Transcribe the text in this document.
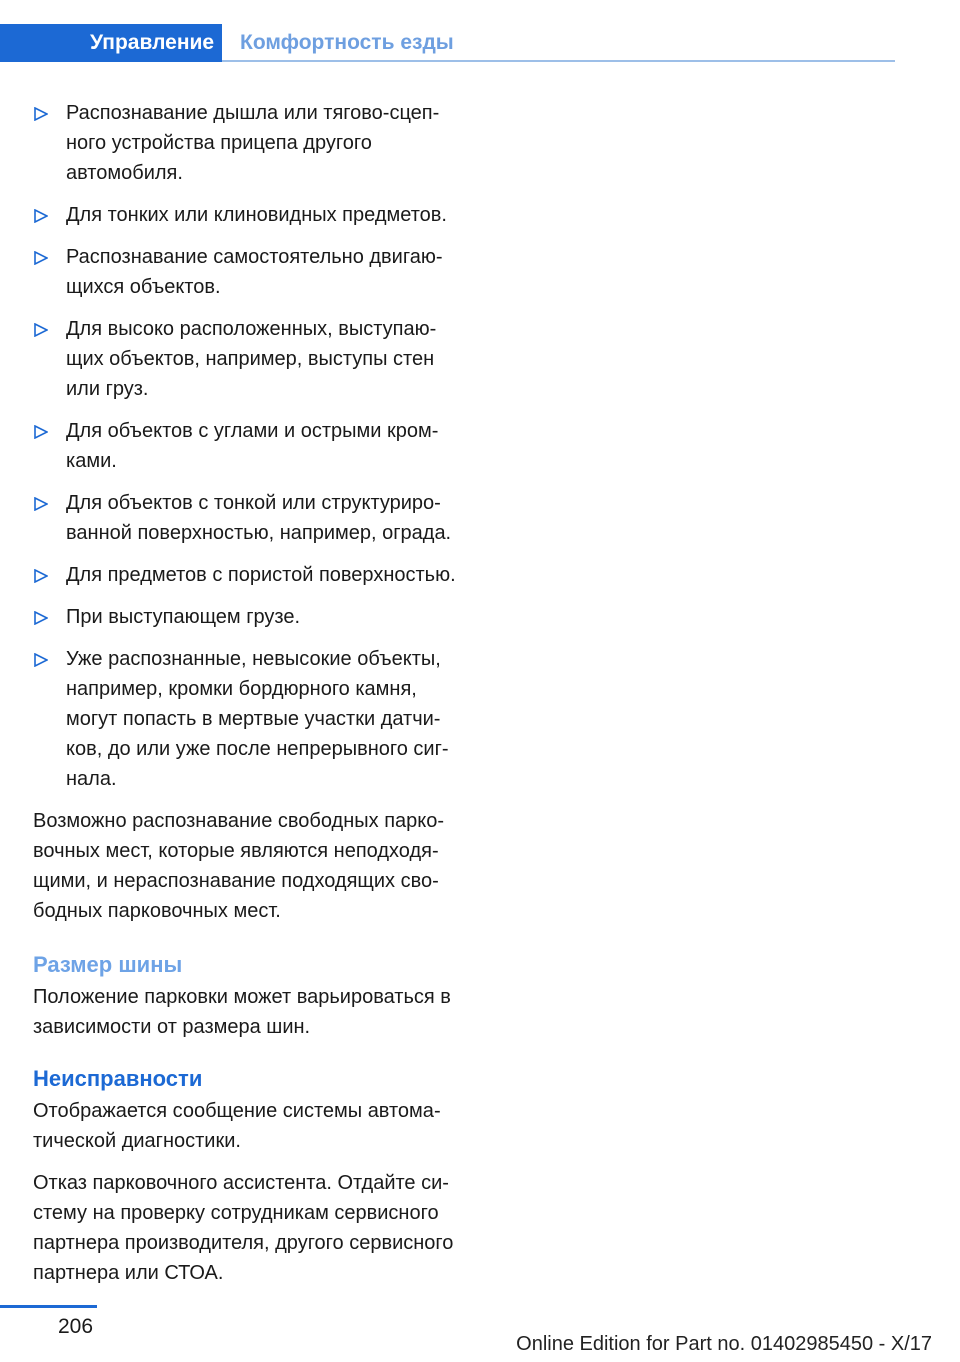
Управление	Комфортность езды
Распознавание дышла или тягово-сцепного устройства прицепа другого автомобиля.
Для тонких или клиновидных предметов.
Распознавание самостоятельно двигающихся объектов.
Для высоко расположенных, выступающих объектов, например, выступы стен или груз.
Для объектов с углами и острыми кромками.
Для объектов с тонкой или структурированной поверхностью, например, ограда.
Для предметов с пористой поверхностью.
При выступающем грузе.
Уже распознанные, невысокие объекты, например, кромки бордюрного камня, могут попасть в мертвые участки датчиков, до или уже после непрерывного сигнала.

Возможно распознавание свободных парковочных мест, которые являются неподходящими, и нераспознавание подходящих свободных парковочных мест.

Размер шины

Положение парковки может варьироваться в зависимости от размера шин.

Неисправности

Отображается сообщение системы автоматической диагностики.

Отказ парковочного ассистента. Отдайте систему на проверку сотрудникам сервисного партнера производителя, другого сервисного партнера или СТОА.

206
Online Edition for Part no. 01402985450 - X/17
